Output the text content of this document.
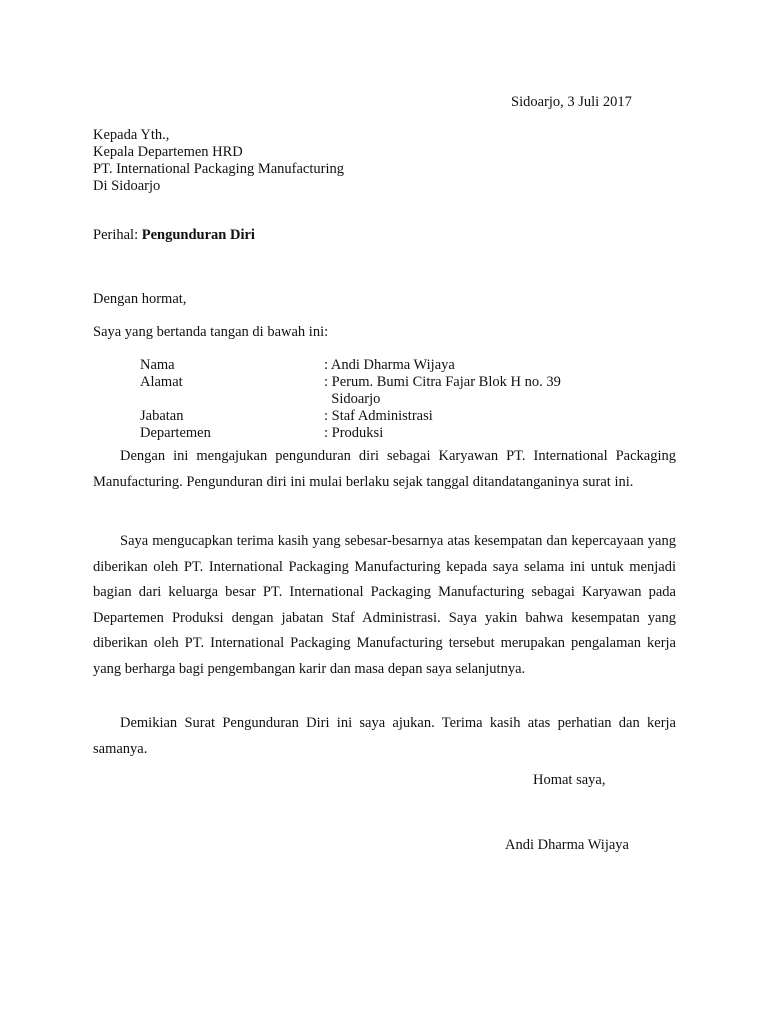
Sidoarjo, 3 Juli 2017
Kepada Yth.,
Kepala Departemen HRD
PT. International Packaging Manufacturing
Di Sidoarjo
Perihal: Pengunduran Diri
Dengan hormat,
Saya yang bertanda tangan di bawah ini:
Nama	: Andi Dharma Wijaya
Alamat	: Perum. Bumi Citra Fajar Blok H no. 39
Sidoarjo
Jabatan	: Staf Administrasi
Departemen	: Produksi

Dengan ini mengajukan pengunduran diri sebagai Karyawan PT. International Packaging Manufacturing. Pengunduran diri ini mulai berlaku sejak tanggal ditandatanganinya surat ini.

Saya mengucapkan terima kasih yang sebesar-besarnya atas kesempatan dan kepercayaan yang diberikan oleh PT. International Packaging Manufacturing kepada saya selama ini untuk menjadi bagian dari keluarga besar PT. International Packaging Manufacturing sebagai Karyawan pada Departemen Produksi dengan jabatan Staf Administrasi. Saya yakin bahwa kesempatan yang diberikan oleh PT. International Packaging Manufacturing tersebut merupakan pengalaman kerja yang berharga bagi pengembangan karir dan masa depan saya selanjutnya.

Demikian Surat Pengunduran Diri ini saya ajukan. Terima kasih atas perhatian dan kerja samanya.

Homat saya,
Andi Dharma Wijaya
